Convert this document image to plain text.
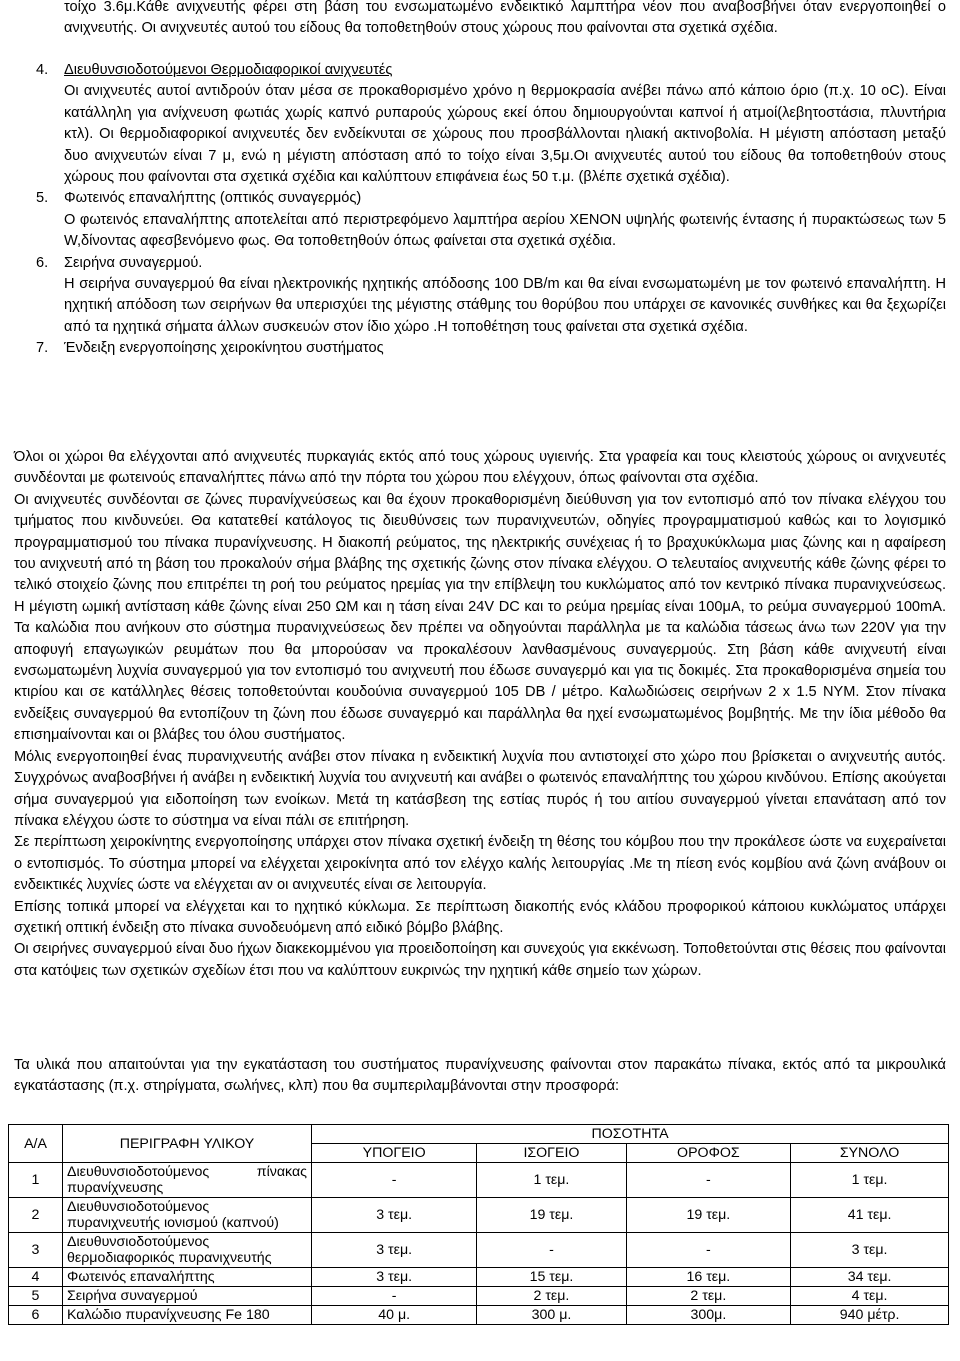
τοίχο 3.6μ.Κάθε ανιχνευτής φέρει στη βάση του ενσωματωμένο ενδεικτικό λαμπτήρα νέον που αναβοσβήνει όταν ενεργοποιηθεί ο ανιχνευτής. Οι ανιχνευτές αυτού του είδους θα τοποθετηθούν στους χώρους που φαίνονται στα σχετικά σχέδια.
4. Διευθυνσιοδοτούμενοι Θερμοδιαφορικοί ανιχνευτές
Οι ανιχνευτές αυτοί αντιδρούν όταν μέσα σε προκαθορισμένο χρόνο η θερμοκρασία ανέβει πάνω από κάποιο όριο (π.χ. 10 oC). Είναι κατάλληλη για ανίχνευση φωτιάς χωρίς καπνό ρυπαρούς χώρους εκεί όπου δημιουργούνται καπνοί ή ατμοί(λεβητοστάσια, πλυντήρια κτλ). Οι θερμοδιαφορικοί ανιχνευτές δεν ενδείκνυται σε χώρους που προσβάλλονται ηλιακή ακτινοβολία. Η μέγιστη απόσταση μεταξύ δυο ανιχνευτών είναι 7 μ, ενώ η μέγιστη απόσταση από το τοίχο είναι 3,5μ.Οι ανιχνευτές αυτού του είδους θα τοποθετηθούν στους χώρους που φαίνονται στα σχετικά σχέδια και καλύπτουν επιφάνεια έως 50 τ.μ. (βλέπε σχετικά σχέδια).
5. Φωτεινός επαναλήπτης (οπτικός συναγερμός)
Ο φωτεινός επαναλήπτης αποτελείται από περιστρεφόμενο λαμπτήρα αερίου XENON υψηλής φωτεινής έντασης ή πυρακτώσεως των 5 W,δίνοντας αφεσβενόμενο φως. Θα τοποθετηθούν όπως φαίνεται στα σχετικά σχέδια.
6. Σειρήνα συναγερμού.
Η σειρήνα συναγερμού θα είναι ηλεκτρονικής ηχητικής απόδοσης 100 DB/m και θα είναι ενσωματωμένη με τον φωτεινό επαναλήπτη. Η ηχητική απόδοση των σειρήνων θα υπερισχύει της μέγιστης στάθμης του θορύβου που υπάρχει σε κανονικές συνθήκες και θα ξεχωρίζει από τα ηχητικά σήματα άλλων συσκευών στον ίδιο χώρο .Η τοποθέτηση τους φαίνεται στα σχετικά σχέδια.
7. Ένδειξη ενεργοποίησης χειροκίνητου συστήματος

Όλοι οι χώροι θα ελέγχονται από ανιχνευτές πυρκαγιάς εκτός από τους χώρους υγιεινής. Στα γραφεία και τους κλειστούς χώρους οι ανιχνευτές συνδέονται με φωτεινούς επαναλήπτες πάνω από την πόρτα του χώρου που ελέγχουν, όπως φαίνονται στα σχέδια.

Οι ανιχνευτές συνδέονται σε ζώνες πυρανίχνεύσεως και θα έχουν προκαθορισμένη διεύθυνση για τον εντοπισμό από τον πίνακα ελέγχου του τμήματος που κινδυνεύει. Θα κατατεθεί κατάλογος τις διευθύνσεις των πυρανιχνευτών, οδηγίες προγραμματισμού καθώς και το λογισμικό προγραμματισμού του πίνακα πυρανίχνευσης. Η διακοπή ρεύματος, της ηλεκτρικής συνέχειας ή το βραχυκύκλωμα μιας ζώνης και η αφαίρεση του ανιχνευτή από τη βάση του προκαλούν σήμα βλάβης της σχετικής ζώνης στον πίνακα ελέγχου. Ο τελευταίος ανιχνευτής κάθε ζώνης φέρει το τελικό στοιχείο ζώνης που επιτρέπει τη ροή του ρεύματος ηρεμίας για την επίβλεψη του κυκλώματος από τον κεντρικό πίνακα πυρανιχνεύσεως. Η μέγιστη ωμική αντίσταση κάθε ζώνης είναι 250 ΩΜ και η τάση είναι 24V DC και το ρεύμα ηρεμίας είναι 100μA, το ρεύμα συναγερμού 100mA. Τα καλώδια που ανήκουν στο σύστημα πυρανιχνεύσεως δεν πρέπει να οδηγούνται παράλληλα με τα καλώδια τάσεως άνω των 220V για την αποφυγή επαγωγικών ρευμάτων που θα μπορούσαν να προκαλέσουν λανθασμένους συναγερμούς. Στη βάση κάθε ανιχνευτή είναι ενσωματωμένη λυχνία συναγερμού για τον εντοπισμό του ανιχνευτή που έδωσε συναγερμό και για τις δοκιμές. Στα προκαθορισμένα σημεία του κτιρίου και σε κατάλληλες θέσεις τοποθετούνται κουδούνια συναγερμού 105 DB / μέτρο. Καλωδιώσεις σειρήνων 2 x 1.5 NYM. Στον πίνακα ενδείξεις συναγερμού θα εντοπίζουν τη ζώνη που έδωσε συναγερμό και παράλληλα θα ηχεί ενσωματωμένος βομβητής. Με την ίδια μέθοδο θα επισημαίνονται και οι βλάβες του όλου συστήματος.

Μόλις ενεργοποιηθεί ένας πυρανιχνευτής ανάβει στον πίνακα η ενδεικτική λυχνία που αντιστοιχεί στο χώρο που βρίσκεται ο ανιχνευτής αυτός. Συγχρόνως αναβοσβήνει ή ανάβει η ενδεικτική λυχνία του ανιχνευτή και ανάβει ο φωτεινός επαναλήπτης του χώρου κινδύνου. Επίσης ακούγεται σήμα συναγερμού για ειδοποίηση των ενοίκων. Μετά τη κατάσβεση της εστίας πυρός ή του αιτίου συναγερμού γίνεται επανάταση από τον πίνακα ελέγχου ώστε το σύστημα να είναι πάλι σε επιτήρηση.

Σε περίπτωση χειροκίνητης ενεργοποίησης υπάρχει στον πίνακα σχετική ένδειξη τη θέσης του κόμβου που την προκάλεσε ώστε να ευχεραίνεται ο εντοπισμός. Το σύστημα μπορεί να ελέγχεται χειροκίνητα από τον ελέγχο καλής λειτουργίας .Με τη πίεση ενός κομβίου ανά ζώνη ανάβουν οι ενδεικτικές λυχνίες ώστε να ελέγχεται αν οι ανιχνευτές είναι σε λειτουργία.

Επίσης τοπικά μπορεί να ελέγχεται και το ηχητικό κύκλωμα. Σε περίπτωση διακοπής ενός κλάδου προφορικού κάποιου κυκλώματος υπάρχει σχετική οπτική ένδειξη στο πίνακα συνοδευόμενη από ειδικό βόμβο βλάβης.

Οι σειρήνες συναγερμού είναι δυο ήχων διακεκομμένου για προειδοποίηση και συνεχούς για εκκένωση. Τοποθετούνται στις θέσεις που φαίνονται στα κατόψεις των σχετικών σχεδίων έτσι που να καλύπτουν ευκρινώς την ηχητική κάθε σημείο των χώρων.

Τα υλικά που απαιτούνται για την εγκατάσταση του συστήματος πυρανίχνευσης φαίνονται στον παρακάτω πίνακα, εκτός από τα μικρουλικά εγκατάστασης (π.χ. στηρίγματα, σωλήνες, κλπ) που θα συμπεριλαμβάνονται στην προσφορά:

Α/Α	ΠΕΡΙΓΡΑΦΗ ΥΛΙΚΟΥ	ΠΟΣΟΤΗΤΑ			
		ΥΠΟΓΕΙΟ	ΙΣΟΓΕΙΟ	ΟΡΟΦΟΣ	ΣΥΝΟΛΟ
1	Διευθυνσιοδοτούμενος πίνακας
πυρανίχνευσης	-	1 τεμ.	-	1 τεμ.
2	Διευθυνσιοδοτούμενος
πυρανιχνευτής ιονισμού (καπνού)	3 τεμ.	19 τεμ.	19 τεμ.	41 τεμ.
3	Διευθυνσιοδοτούμενος
θερμοδιαφορικός πυρανιχνευτής	3 τεμ.	-	-	3 τεμ.
4	Φωτεινός επαναλήπτης	3 τεμ.	15 τεμ.	16 τεμ.	34 τεμ.
5	Σειρήνα συναγερμού	-	2 τεμ.	2 τεμ.	4 τεμ.
6	Καλώδιο πυρανίχνευσης Fe 180	40 μ.	300 μ.	300μ.	940 μέτρ.
